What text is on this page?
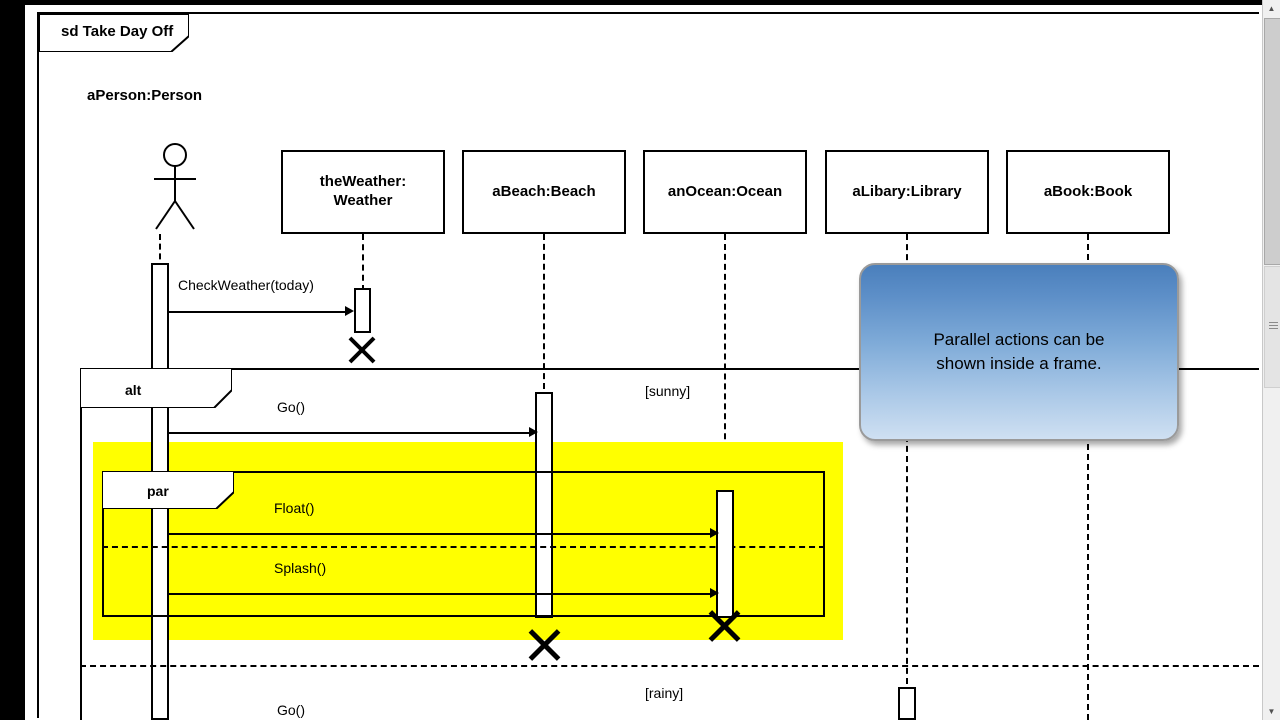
sd Take Day Off
aPerson:Person
theWeather:
Weather
aBeach:Beach	anOcean:Ocean	aLibary:Library	aBook:Book
CheckWeather(today)
alt	[sunny]
Go()
par
Float()
Splash()
[rainy]
Go()
Parallel actions can be
shown inside a frame.
▲
▼
